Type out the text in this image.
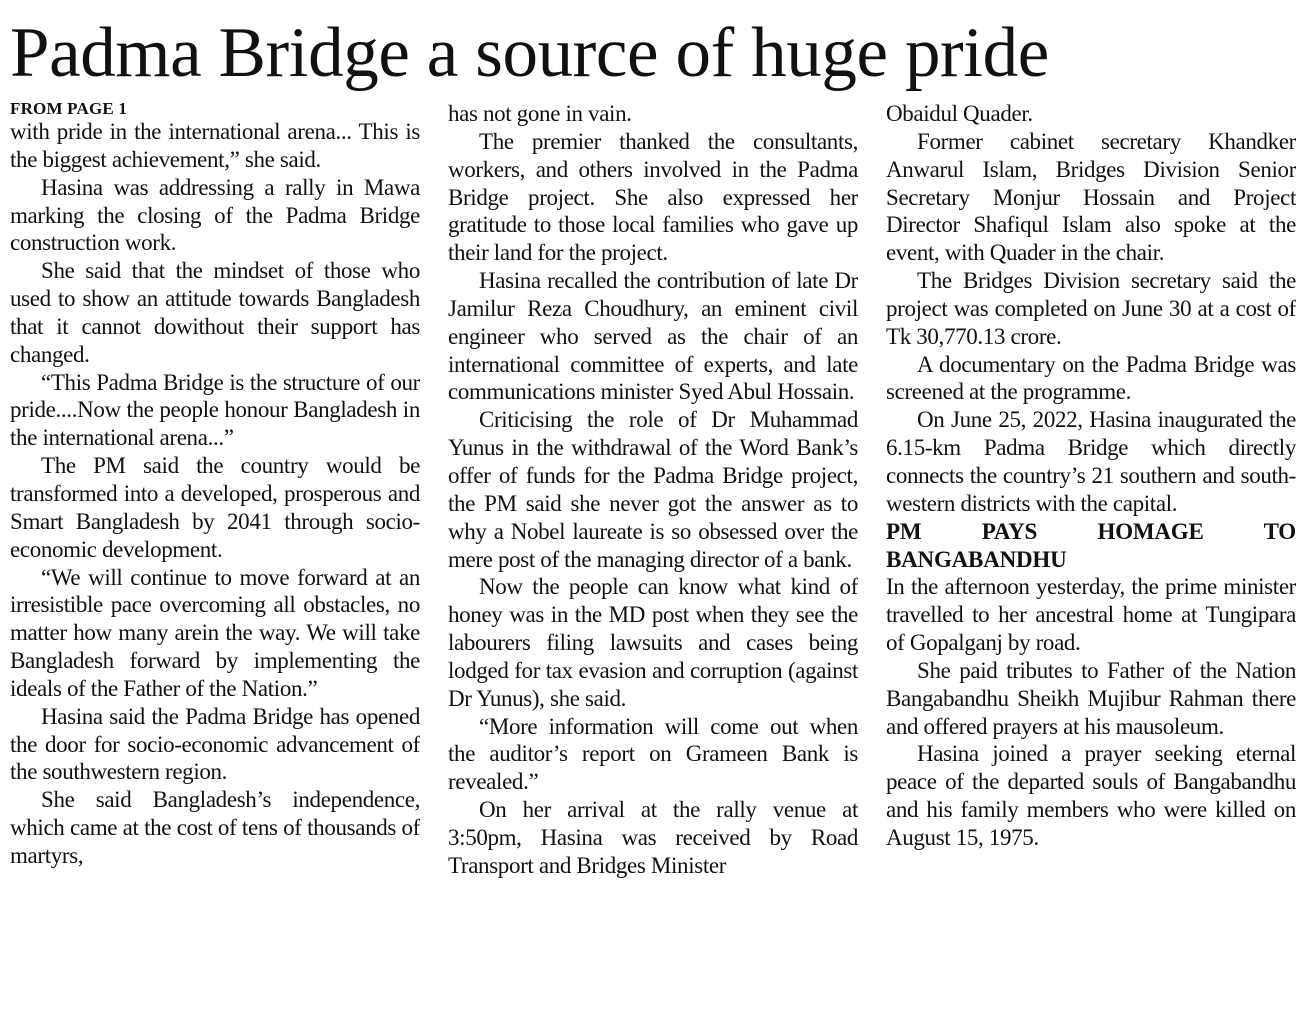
Padma Bridge a source of huge pride
FROM PAGE 1

with pride in the international arena... This is the biggest achievement,” she said.

Hasina was addressing a rally in Mawa marking the closing of the Padma Bridge construction work.

She said that the mindset of those who used to show an attitude towards Bangladesh that it cannot dowithout their support has changed.

“This Padma Bridge is the structure of our pride....Now the people honour Bangladesh in the international arena...”

The PM said the country would be transformed into a developed, prosperous and Smart Bangladesh by 2041 through socio-economic development.

“We will continue to move forward at an irresistible pace overcoming all obstacles, no matter how many arein the way. We will take Bangladesh forward by implementing the ideals of the Father of the Nation.”

Hasina said the Padma Bridge has opened the door for socio-economic advancement of the southwestern region.

She said Bangladesh’s independence, which came at the cost of tens of thousands of martyrs,

has not gone in vain.

The premier thanked the consultants, workers, and others involved in the Padma Bridge project. She also expressed her gratitude to those local families who gave up their land for the project.

Hasina recalled the contribution of late Dr Jamilur Reza Choudhury, an eminent civil engineer who served as the chair of an international committee of experts, and late communications minister Syed Abul Hossain.

Criticising the role of Dr Muhammad Yunus in the withdrawal of the Word Bank’s offer of funds for the Padma Bridge project, the PM said she never got the answer as to why a Nobel laureate is so obsessed over the mere post of the managing director of a bank.

Now the people can know what kind of honey was in the MD post when they see the labourers filing lawsuits and cases being lodged for tax evasion and corruption (against Dr Yunus), she said.

“More information will come out when the auditor’s report on Grameen Bank is revealed.”

On her arrival at the rally venue at 3:50pm, Hasina was received by Road Transport and Bridges Minister

Obaidul Quader.

Former cabinet secretary Khandker Anwarul Islam, Bridges Division Senior Secretary Monjur Hossain and Project Director Shafiqul Islam also spoke at the event, with Quader in the chair.

The Bridges Division secretary said the project was completed on June 30 at a cost of Tk 30,770.13 crore.

A documentary on the Padma Bridge was screened at the programme.

On June 25, 2022, Hasina inaugurated the 6.15-km Padma Bridge which directly connects the country’s 21 southern and south-western districts with the capital.

PM PAYS HOMAGE TO BANGABANDHU

In the afternoon yesterday, the prime minister travelled to her ancestral home at Tungipara of Gopalganj by road.

She paid tributes to Father of the Nation Bangabandhu Sheikh Mujibur Rahman there and offered prayers at his mausoleum.

Hasina joined a prayer seeking eternal peace of the departed souls of Bangabandhu and his family members who were killed on August 15, 1975.
